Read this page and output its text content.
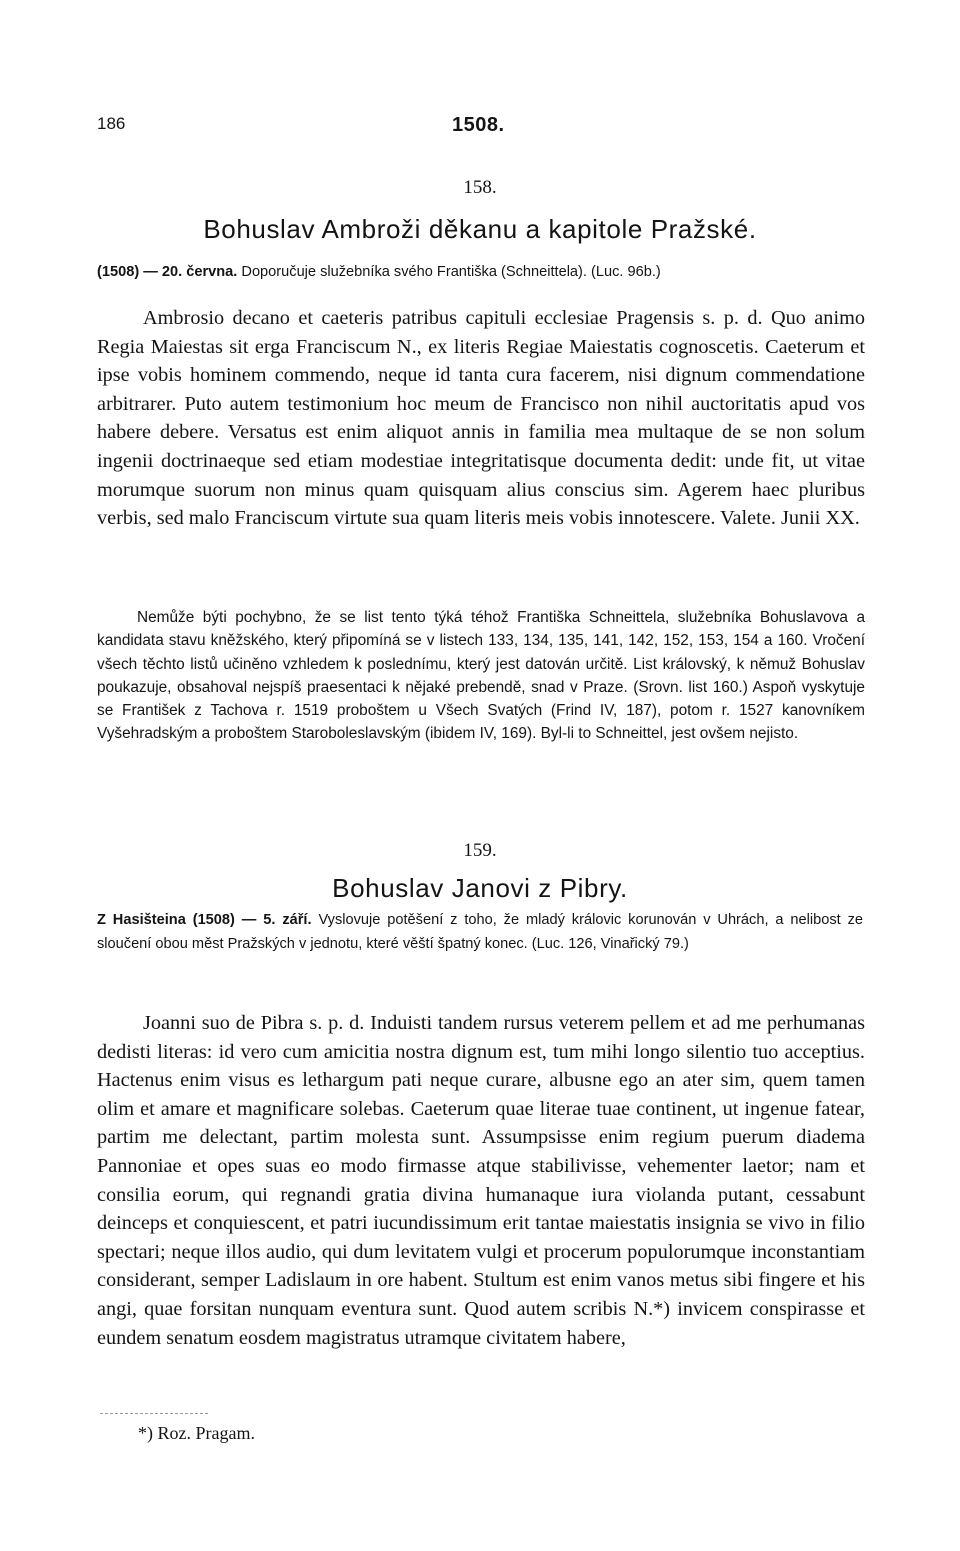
186	1508.
158.
Bohuslav Ambroži děkanu a kapitole Pražské.
(1508) — 20. června. Doporučuje služebníka svého Františka (Schneittela). (Luc. 96b.)
Ambrosio decano et caeteris patribus capituli ecclesiae Pragensis s. p. d. Quo animo Regia Maiestas sit erga Franciscum N., ex literis Regiae Maiestatis cognoscetis. Caeterum et ipse vobis hominem commendo, neque id tanta cura facerem, nisi dignum commendatione arbitrarer. Puto autem testimonium hoc meum de Francisco non nihil auctoritatis apud vos habere debere. Versatus est enim aliquot annis in familia mea multaque de se non solum ingenii doctrinaeque sed etiam modestiae integritatisque documenta dedit: unde fit, ut vitae morumque suorum non minus quam quisquam alius conscius sim. Agerem haec pluribus verbis, sed malo Franciscum virtute sua quam literis meis vobis innotescere. Valete. Junii XX.
Nemůže býti pochybno, že se list tento týká téhož Františka Schneittela, služebníka Bohuslavova a kandidata stavu kněžského, který připomíná se v listech 133, 134, 135, 141, 142, 152, 153, 154 a 160. Vročení všech těchto listů učiněno vzhledem k poslednímu, který jest datován určitě. List královský, k němuž Bohuslav poukazuje, obsahoval nejspíš praesentaci k nějaké prebendě, snad v Praze. (Srovn. list 160.) Aspoň vyskytuje se František z Tachova r. 1519 proboštem u Všech Svatých (Frind IV, 187), potom r. 1527 kanovníkem Vyšehradským a proboštem Staroboleslavským (ibidem IV, 169). Byl-li to Schneittel, jest ovšem nejisto.
159.
Bohuslav Janovi z Pibry.
Z Hasišteina (1508) — 5. září. Vyslovuje potěšení z toho, že mladý královic korunován v Uhrách, a nelibost ze sloučení obou měst Pražských v jednotu, které věští špatný konec. (Luc. 126, Vinařický 79.)
Joanni suo de Pibra s. p. d. Induisti tandem rursus veterem pellem et ad me perhumanas dedisti literas: id vero cum amicitia nostra dignum est, tum mihi longo silentio tuo acceptius. Hactenus enim visus es lethargum pati neque curare, albusne ego an ater sim, quem tamen olim et amare et magnificare solebas. Caeterum quae literae tuae continent, ut ingenue fatear, partim me delectant, partim molesta sunt. Assumpsisse enim regium puerum diadema Pannoniae et opes suas eo modo firmasse atque stabilivisse, vehementer laetor; nam et consilia eorum, qui regnandi gratia divina humanaque iura violanda putant, cessabunt deinceps et conquiescent, et patri iucundissimum erit tantae maiestatis insignia se vivo in filio spectari; neque illos audio, qui dum levitatem vulgi et procerum populorumque inconstantiam considerant, semper Ladislaum in ore habent. Stultum est enim vanos metus sibi fingere et his angi, quae forsitan nunquam eventura sunt. Quod autem scribis N.*) invicem conspirasse et eundem senatum eosdem magistratus utramque civitatem habere,
*) Roz. Pragam.
